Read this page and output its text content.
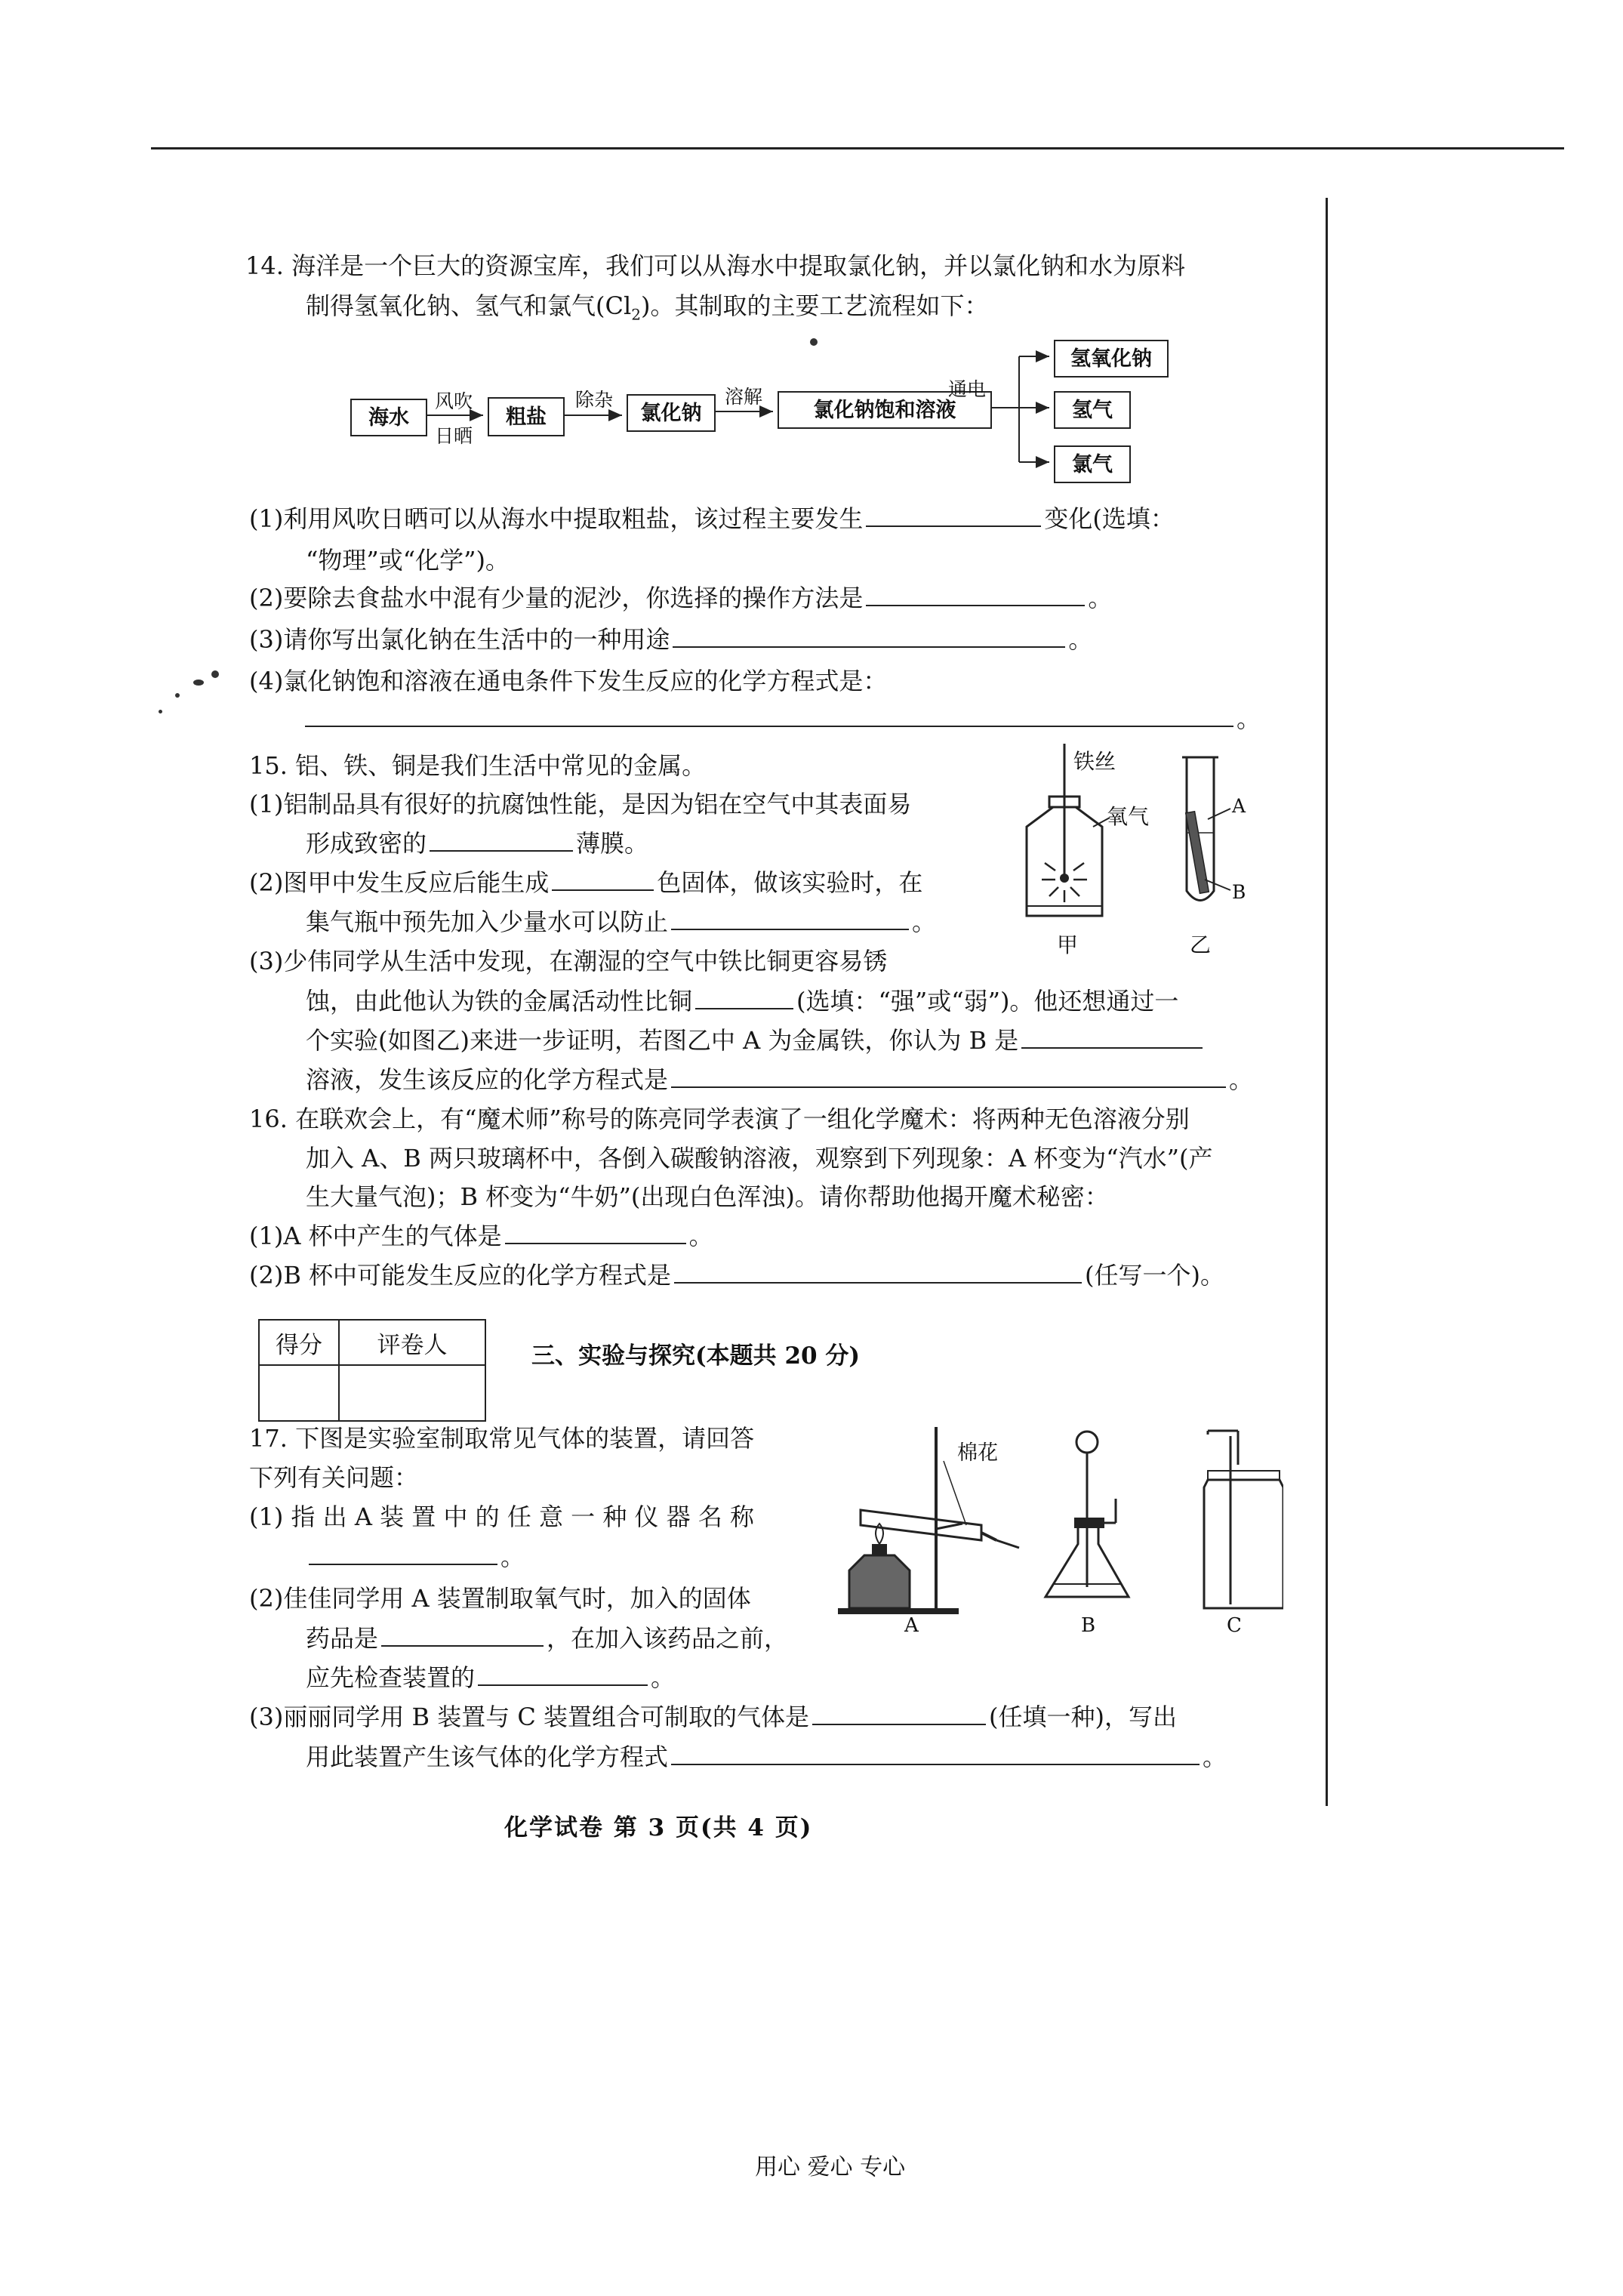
14. 海洋是一个巨大的资源宝库，我们可以从海水中提取氯化钠，并以氯化钠和水为原料
制得氢氧化钠、氢气和氯气$(Cl_2)$。其制取的主要工艺流程如下：
海水	粗盐	氯化钠	氯化钠饱和溶液
氢氧化钠
氢气
氯气
风吹
日晒
除杂	溶解	通电
(1)利用风吹日晒可以从海水中提取粗盐，该过程主要发生	变化(选填：
“物理”或“化学”)。
(2)要除去食盐水中混有少量的泥沙，你选择的操作方法是	。
(3)请你写出氯化钠在生活中的一种用途	。
(4)氯化钠饱和溶液在通电条件下发生反应的化学方程式是：
。
15. 铝、铁、铜是我们生活中常见的金属。
(1)铝制品具有很好的抗腐蚀性能，是因为铝在空气中其表面易
形成致密的	薄膜。
(2)图甲中发生反应后能生成	色固体，做该实验时，在
集气瓶中预先加入少量水可以防止	。
(3)少伟同学从生活中发现，在潮湿的空气中铁比铜更容易锈
蚀，由此他认为铁的金属活动性比铜	(选填：“强”或“弱”)。他还想通过一
个实验(如图乙)来进一步证明，若图乙中 A 为金属铁，你认为 B 是
溶液，发生该反应的化学方程式是	。
铁丝
氧气	A
B
甲	乙
16. 在联欢会上，有“魔术师”称号的陈亮同学表演了一组化学魔术：将两种无色溶液分别
加入 A、B 两只玻璃杯中，各倒入碳酸钠溶液，观察到下列现象：A 杯变为“汽水”(产
生大量气泡)；B 杯变为“牛奶”(出现白色浑浊)。请你帮助他揭开魔术秘密：
(1)A 杯中产生的气体是	。
(2)B 杯中可能发生反应的化学方程式是	(任写一个)。
得分	评卷人
		三、实验与探究(本题共 20 分)
17. 下图是实验室制取常见气体的装置，请回答
下列有关问题：
(1) 指 出 A 装 置 中 的 任 意 一 种 仪 器 名 称
。
(2)佳佳同学用 A 装置制取氧气时，加入的固体
药品是	，在加入该药品之前，
应先检查装置的	。
(3)丽丽同学用 B 装置与 C 装置组合可制取的气体是	(任填一种)，写出
用此装置产生该气体的化学方程式	。
棉花
A	B	C
化学试卷 第 3 页(共 4 页)
用心 爱心 专心
